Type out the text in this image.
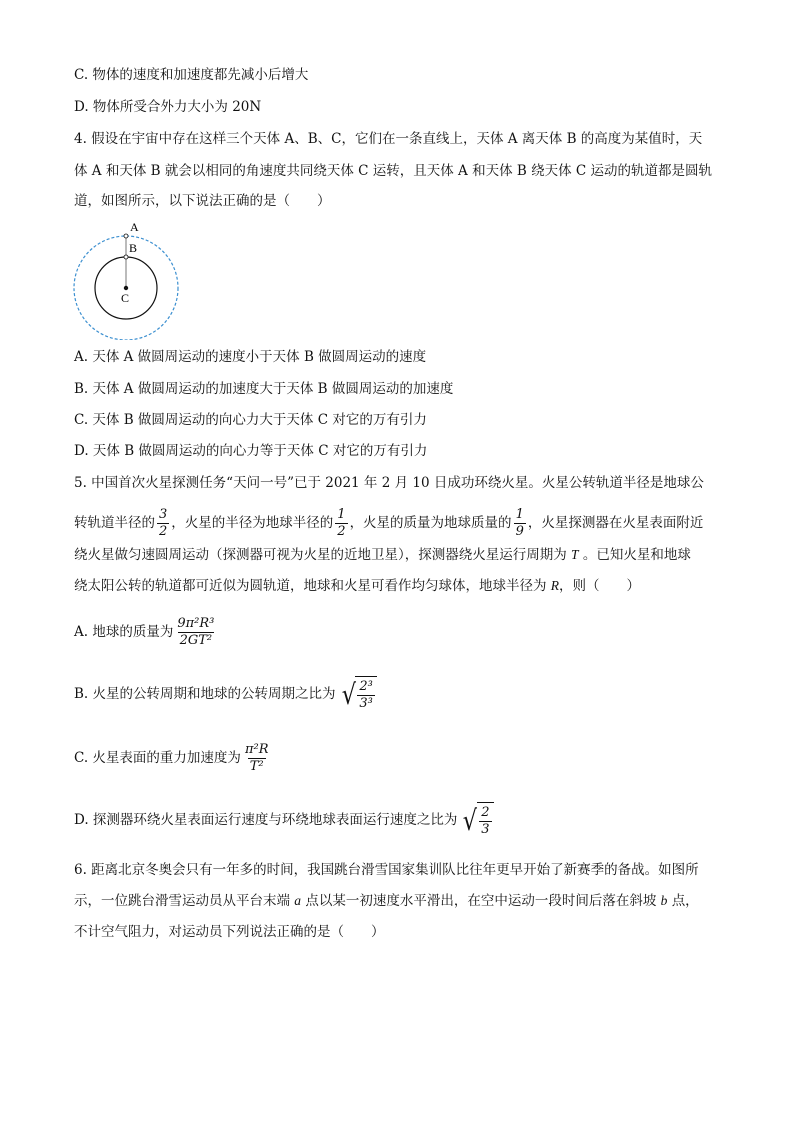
C. 物体的速度和加速度都先减小后增大
D. 物体所受合外力大小为 20N
4. 假设在宇宙中存在这样三个天体 A、B、C，它们在一条直线上，天体 A 离天体 B 的高度为某值时，天
体 A 和天体 B 就会以相同的角速度共同绕天体 C 运转，且天体 A 和天体 B 绕天体 C 运动的轨道都是圆轨
道，如图所示，以下说法正确的是（　　）
A
B
C
A. 天体 A 做圆周运动的速度小于天体 B 做圆周运动的速度
B. 天体 A 做圆周运动的加速度大于天体 B 做圆周运动的加速度
C. 天体 B 做圆周运动的向心力大于天体 C 对它的万有引力
D. 天体 B 做圆周运动的向心力等于天体 C 对它的万有引力
5. 中国首次火星探测任务“天问一号”已于 2021 年 2 月 10 日成功环绕火星。火星公转轨道半径是地球公
转轨道半径的 $\frac{3}{2}$ ，火星的半径为地球半径的 $\frac{1}{2}$ ，火星的质量为地球质量的 $\frac{1}{9}$ ，火星探测器在火星表面附近
绕火星做匀速圆周运动（探测器可视为火星的近地卫星），探测器绕火星运行周期为 T 。已知火星和地球
绕太阳公转的轨道都可近似为圆轨道，地球和火星可看作均匀球体，地球半径为 R，则（　　）
A. 地球的质量为 $\frac{\text{9π²R³}}{\text{2GT²}}$
B. 火星的公转周期和地球的公转周期之比为 √ $\frac{\text{2³}}{\text{3³}}$
C. 火星表面的重力加速度为 $\frac{\text{π²R}}{\text{T²}}$
D. 探测器环绕火星表面运行速度与环绕地球表面运行速度之比为 √ $\frac{2}{3}$
6. 距离北京冬奥会只有一年多的时间，我国跳台滑雪国家集训队比往年更早开始了新赛季的备战。如图所
示，一位跳台滑雪运动员从平台末端 a 点以某一初速度水平滑出，在空中运动一段时间后落在斜坡 b 点，
不计空气阻力，对运动员下列说法正确的是（　　）
